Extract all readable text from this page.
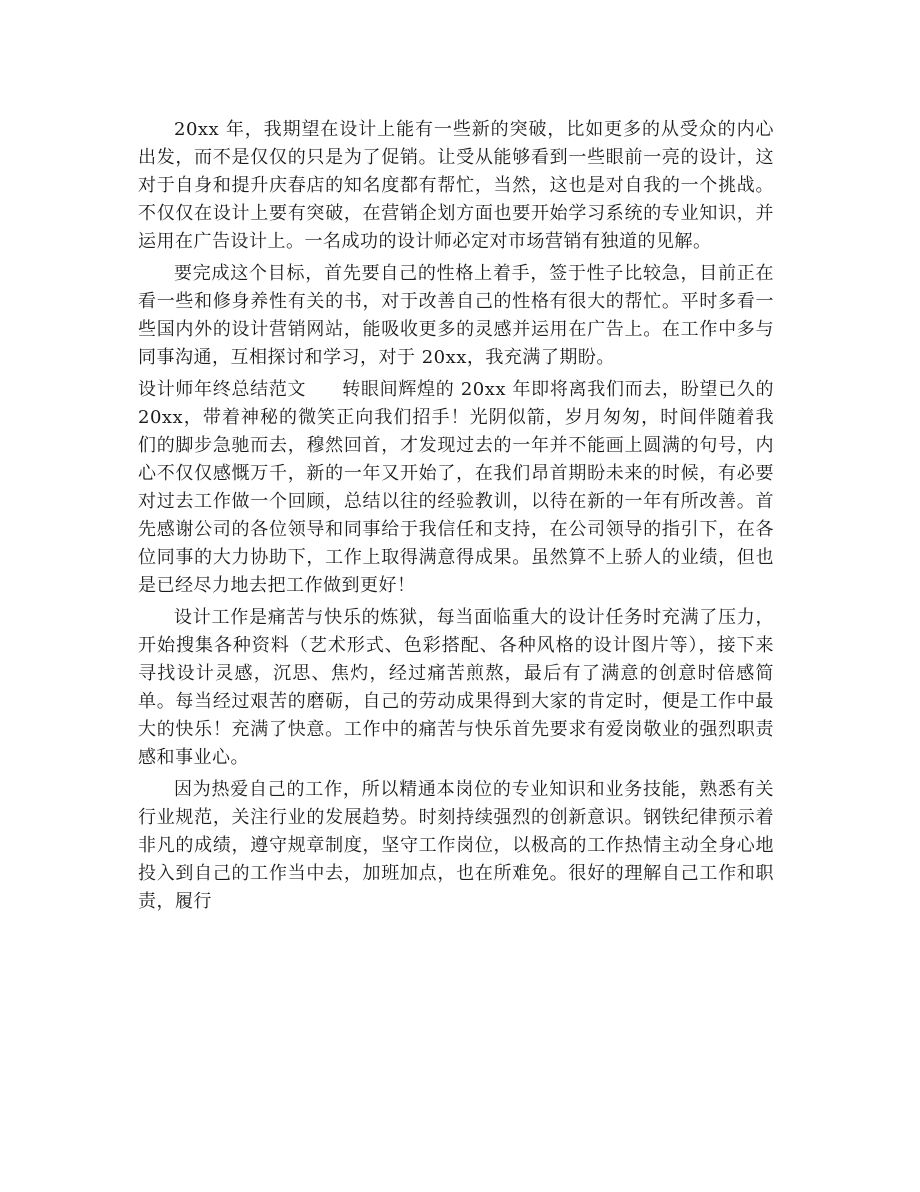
20xx 年，我期望在设计上能有一些新的突破，比如更多的从受众的内心出发，而不是仅仅的只是为了促销。让受从能够看到一些眼前一亮的设计，这对于自身和提升庆春店的知名度都有帮忙，当然，这也是对自我的一个挑战。不仅仅在设计上要有突破，在营销企划方面也要开始学习系统的专业知识，并运用在广告设计上。一名成功的设计师必定对市场营销有独道的见解。

要完成这个目标，首先要自己的性格上着手，签于性子比较急，目前正在看一些和修身养性有关的书，对于改善自己的性格有很大的帮忙。平时多看一些国内外的设计营销网站，能吸收更多的灵感并运用在广告上。在工作中多与同事沟通，互相探讨和学习，对于 20xx，我充满了期盼。

设计师年终总结范文 转眼间辉煌的 20xx 年即将离我们而去，盼望已久的 20xx，带着神秘的微笑正向我们招手！光阴似箭，岁月匆匆，时间伴随着我们的脚步急驰而去，穆然回首，才发现过去的一年并不能画上圆满的句号，内心不仅仅感慨万千，新的一年又开始了，在我们昂首期盼未来的时候，有必要对过去工作做一个回顾，总结以往的经验教训，以待在新的一年有所改善。首先感谢公司的各位领导和同事给于我信任和支持，在公司领导的指引下，在各位同事的大力协助下，工作上取得满意得成果。虽然算不上骄人的业绩，但也是已经尽力地去把工作做到更好！

设计工作是痛苦与快乐的炼狱，每当面临重大的设计任务时充满了压力，开始搜集各种资料（艺术形式、色彩搭配、各种风格的设计图片等），接下来寻找设计灵感，沉思、焦灼，经过痛苦煎熬，最后有了满意的创意时倍感简单。每当经过艰苦的磨砺，自己的劳动成果得到大家的肯定时，便是工作中最大的快乐！充满了快意。工作中的痛苦与快乐首先要求有爱岗敬业的强烈职责感和事业心。

因为热爱自己的工作，所以精通本岗位的专业知识和业务技能，熟悉有关行业规范，关注行业的发展趋势。时刻持续强烈的创新意识。钢铁纪律预示着非凡的成绩，遵守规章制度，坚守工作岗位，以极高的工作热情主动全身心地投入到自己的工作当中去，加班加点，也在所难免。很好的理解自己工作和职责，履行
